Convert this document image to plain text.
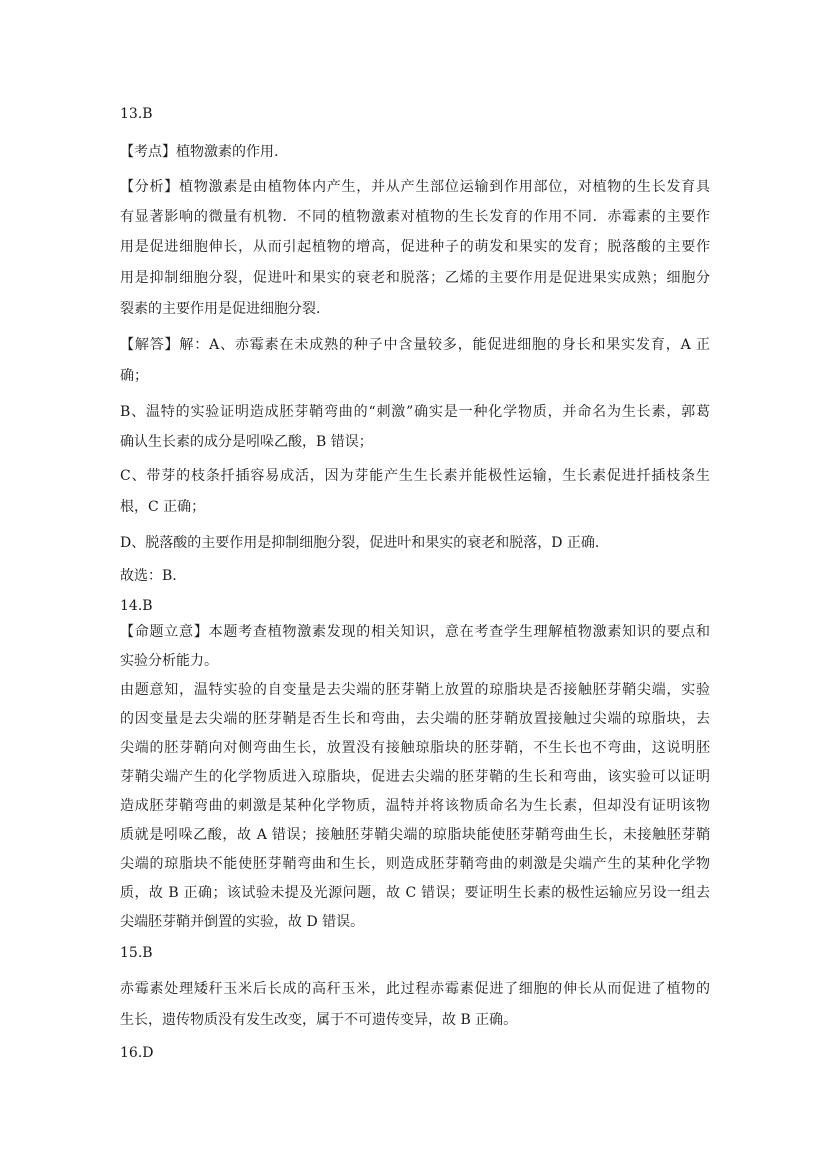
13.B
【考点】植物激素的作用.
【分析】植物激素是由植物体内产生，并从产生部位运输到作用部位，对植物的生长发育具
有显著影响的微量有机物．不同的植物激素对植物的生长发育的作用不同．赤霉素的主要作
用是促进细胞伸长，从而引起植物的增高，促进种子的萌发和果实的发育；脱落酸的主要作
用是抑制细胞分裂，促进叶和果实的衰老和脱落；乙烯的主要作用是促进果实成熟；细胞分
裂素的主要作用是促进细胞分裂.
【解答】解：A、赤霉素在未成熟的种子中含量较多，能促进细胞的身长和果实发育，A 正
确；
B、温特的实验证明造成胚芽鞘弯曲的“刺激”确实是一种化学物质，并命名为生长素，郭葛
确认生长素的成分是吲哚乙酸，B 错误；
C、带芽的枝条扦插容易成活，因为芽能产生生长素并能极性运输，生长素促进扦插枝条生
根，C 正确；
D、脱落酸的主要作用是抑制细胞分裂，促进叶和果实的衰老和脱落，D 正确.
故选：B.
14.B
【命题立意】本题考查植物激素发现的相关知识，意在考查学生理解植物激素知识的要点和
实验分析能力。
由题意知，温特实验的自变量是去尖端的胚芽鞘上放置的琼脂块是否接触胚芽鞘尖端，实验
的因变量是去尖端的胚芽鞘是否生长和弯曲，去尖端的胚芽鞘放置接触过尖端的琼脂块，去
尖端的胚芽鞘向对侧弯曲生长，放置没有接触琼脂块的胚芽鞘，不生长也不弯曲，这说明胚
芽鞘尖端产生的化学物质进入琼脂块，促进去尖端的胚芽鞘的生长和弯曲，该实验可以证明
造成胚芽鞘弯曲的刺激是某种化学物质，温特并将该物质命名为生长素，但却没有证明该物
质就是吲哚乙酸，故 A 错误；接触胚芽鞘尖端的琼脂块能使胚芽鞘弯曲生长，未接触胚芽鞘
尖端的琼脂块不能使胚芽鞘弯曲和生长，则造成胚芽鞘弯曲的刺激是尖端产生的某种化学物
质，故 B 正确；该试验未提及光源问题，故 C 错误；要证明生长素的极性运输应另设一组去
尖端胚芽鞘并倒置的实验，故 D 错误。
15.B
赤霉素处理矮秆玉米后长成的高秆玉米，此过程赤霉素促进了细胞的伸长从而促进了植物的
生长，遗传物质没有发生改变，属于不可遗传变异，故 B 正确。
16.D
